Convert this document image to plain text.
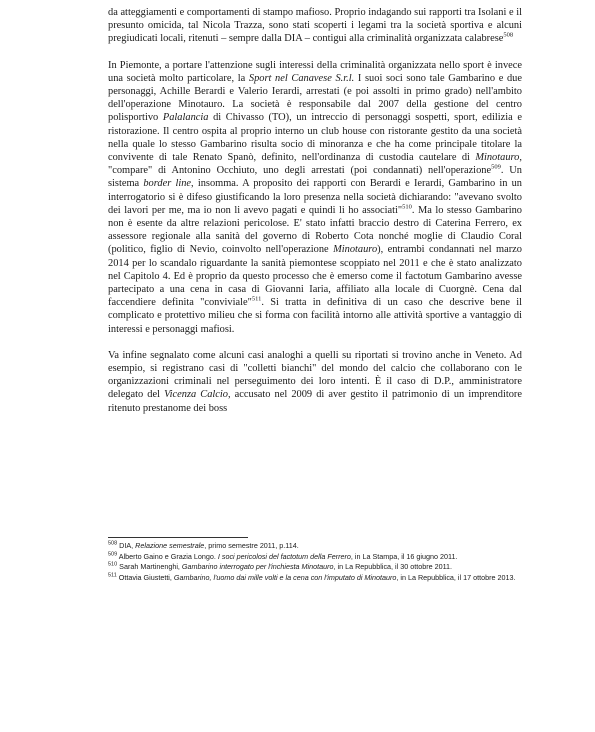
da atteggiamenti e comportamenti di stampo mafioso. Proprio indagando sui rapporti tra Isolani e il presunto omicida, tal Nicola Trazza, sono stati scoperti i legami tra la società sportiva e alcuni pregiudicati locali, ritenuti – sempre dalla DIA – contigui alla criminalità organizzata calabrese$^{508}$

In Piemonte, a portare l'attenzione sugli interessi della criminalità organizzata nello sport è invece una società molto particolare, la Sport nel Canavese S.r.l. I suoi soci sono tale Gambarino e due personaggi, Achille Berardi e Valerio Ierardi, arrestati (e poi assolti in primo grado) nell'ambito dell'operazione Minotauro. La società è responsabile dal 2007 della gestione del centro polisportivo Palalancia di Chivasso (TO), un intreccio di personaggi sospetti, sport, edilizia e ristorazione. Il centro ospita al proprio interno un club house con ristorante gestito da una società nella quale lo stesso Gambarino risulta socio di minoranza e che ha come principale titolare la convivente di tale Renato Spanò, definito, nell'ordinanza di custodia cautelare di Minotauro, "compare" di Antonino Occhiuto, uno degli arrestati (poi condannati) nell'operazione$^{509}$. Un sistema border line, insomma. A proposito dei rapporti con Berardi e Ierardi, Gambarino in un interrogatorio si è difeso giustificando la loro presenza nella società dichiarando: "avevano svolto dei lavori per me, ma io non li avevo pagati e quindi li ho associati"$^{510}$. Ma lo stesso Gambarino non è esente da altre relazioni pericolose. E' stato infatti braccio destro di Caterina Ferrero, ex assessore regionale alla sanità del governo di Roberto Cota nonché moglie di Claudio Coral (politico, figlio di Nevio, coinvolto nell'operazione Minotauro), entrambi condannati nel marzo 2014 per lo scandalo riguardante la sanità piemontese scoppiato nel 2011 e che è stato analizzato nel Capitolo 4. Ed è proprio da questo processo che è emerso come il factotum Gambarino avesse partecipato a una cena in casa di Giovanni Iaria, affiliato alla locale di Cuorgnè. Cena dal faccendiere definita "conviviale"$^{511}$. Si tratta in definitiva di un caso che descrive bene il complicato e protettivo milieu che si forma con facilità intorno alle attività sportive a vantaggio di interessi e personaggi mafiosi.

Va infine segnalato come alcuni casi analoghi a quelli su riportati si trovino anche in Veneto. Ad esempio, si registrano casi di "colletti bianchi" del mondo del calcio che collaborano con le organizzazioni criminali nel perseguimento dei loro intenti. È il caso di D.P., amministratore delegato del Vicenza Calcio, accusato nel 2009 di aver gestito il patrimonio di un imprenditore ritenuto prestanome dei boss

$^{508}$ DIA, Relazione semestrale, primo semestre 2011, p.114.

$^{509}$ Alberto Gaino e Grazia Longo. I soci pericolosi del factotum della Ferrero, in La Stampa, il 16 giugno 2011.

$^{510}$ Sarah Martinenghi, Gambarino interrogato per l'inchiesta Minotauro, in La Repubblica, il 30 ottobre 2011.

$^{511}$ Ottavia Giustetti, Gambarino, l'uomo dai mille volti e la cena con l'imputato di Minotauro, in La Repubblica, il 17 ottobre 2013.
